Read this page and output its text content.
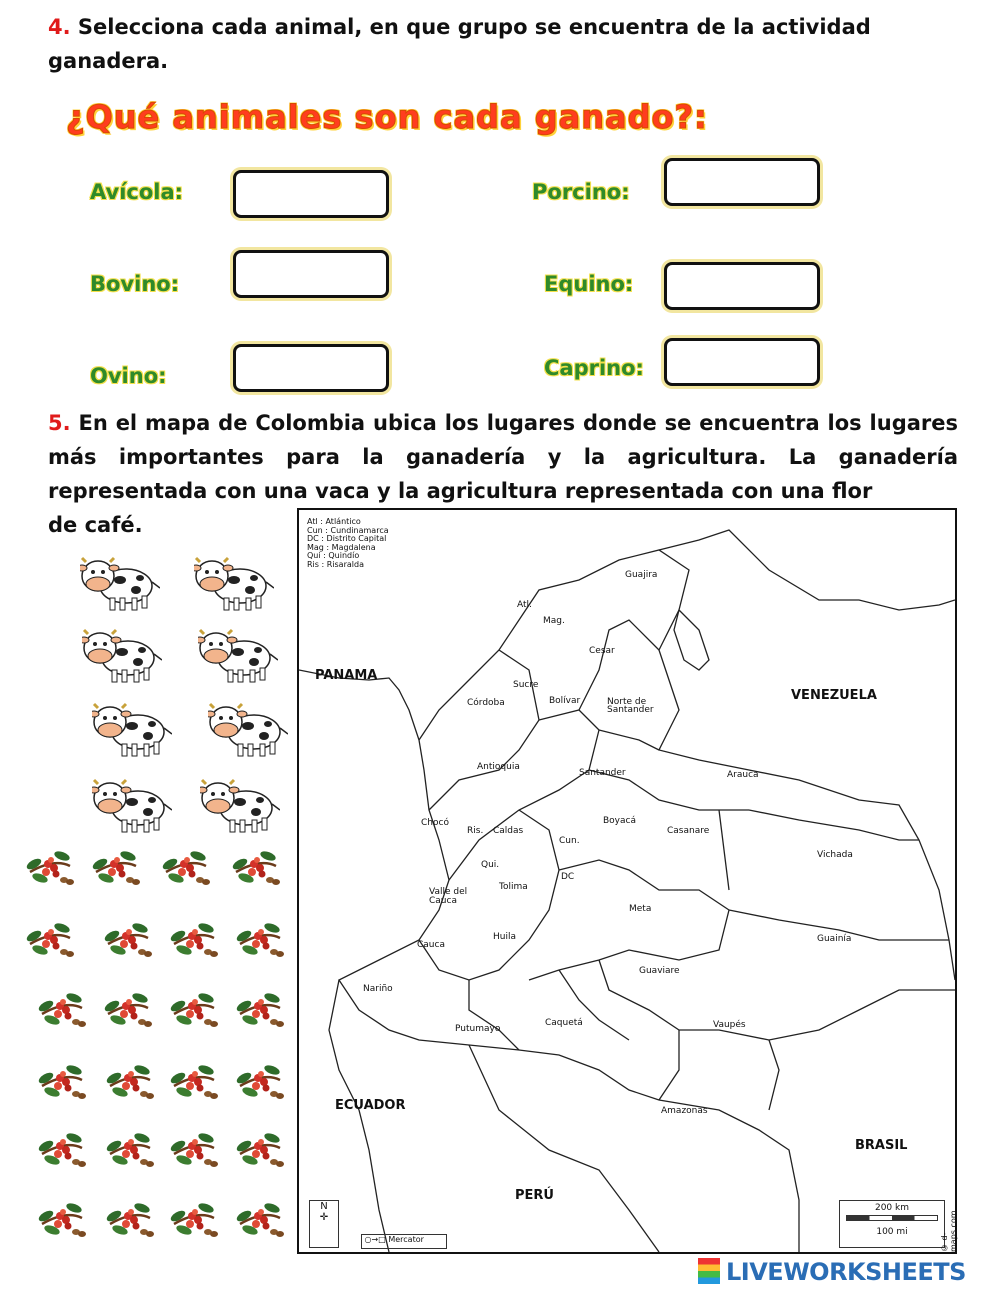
4. Selecciona cada animal, en que grupo se encuentra de la actividad ganadera.
¿Qué animales son cada ganado?:
Avícola:
Bovino:
Ovino:
Porcino:
Equino:
Caprino:
5. En el mapa de Colombia ubica los lugares donde se encuentra los lugares más importantes para la ganadería y la agricultura. La ganadería representada con una vaca y la agricultura representada con una flor
de café.	Atl : Atlántico
Cun : Cundinamarca
DC : Distrito Capital
Mag : Magdalena
Qui : Quindío
Ris : Risaralda
PANAMA
VENEZUELA
ECUADOR
PERÚ
BRASIL
Guajira
Atl.
Mag.
Cesar
Sucre
Córdoba	Bolívar	Norte de Santander
Antioquia
Santander	Arauca
Chocó
Ris. Caldas
Boyacá
Casanare
Cun.
Vichada
Qui.
Tolima
DC
Valle del Cauca
Meta
Huila
Cauca
Guainía
Guaviare
Nariño
Putumayo
Caquetá	Vaupés
Amazonas
N
✛
○→□ Mercator
200 km
100 mi
© d-maps.com
LIVEWORKSHEETS
